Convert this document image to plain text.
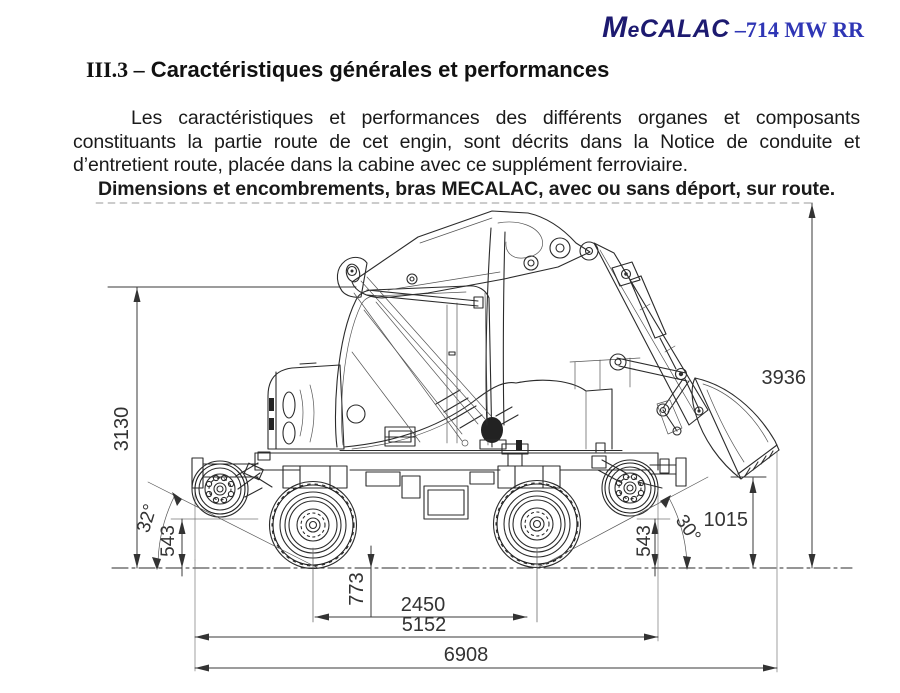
MeCALAC –714 MW RR
III.3 – Caractéristiques générales et performances
Les caractéristiques et performances des différents organes et composants
constituants la partie route de cet engin, sont décrits dans la Notice de conduite et
d’entretient route, placée dans la cabine avec ce supplément ferroviaire.
Dimensions et encombrements, bras MECALAC, avec ou sans déport, sur route.
3936
3130
1015
543	543
773 2450
5152
6908
32°	30°
